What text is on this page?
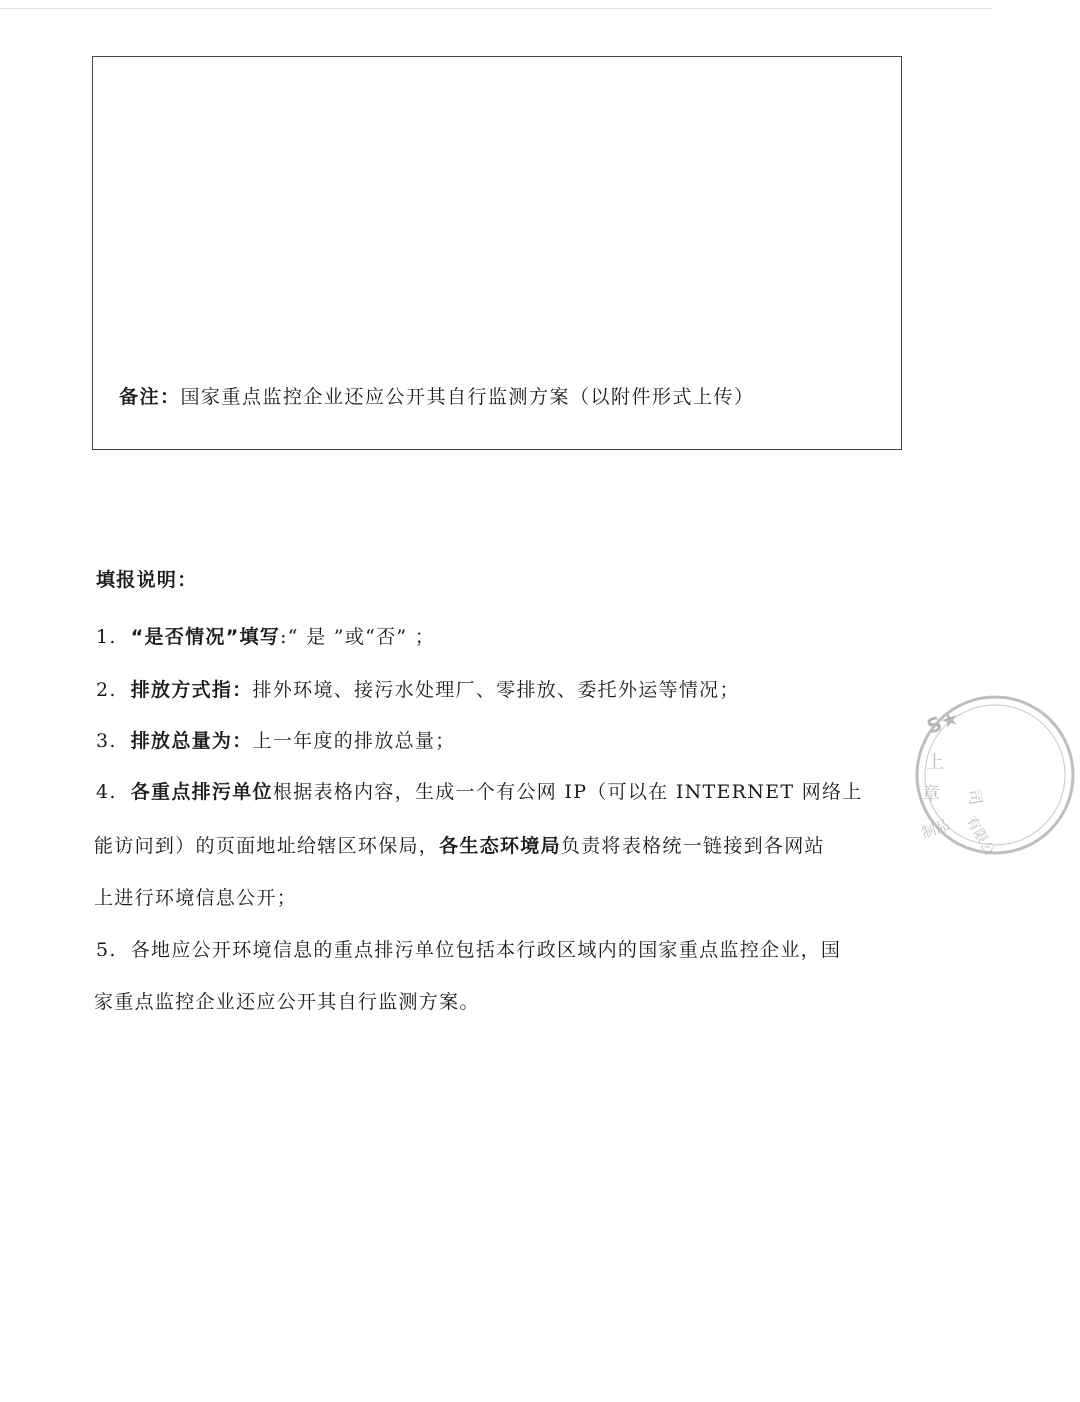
备注：国家重点监控企业还应公开其自行监测方案（以附件形式上传）
填报说明：
1. “是否情况”填写:“ 是 ”或“否” ；
2. 排放方式指：排外环境、接污水处理厂、零排放、委托外运等情况；
3. 排放总量为：上一年度的排放总量；
4. 各重点排污单位根据表格内容，生成一个有公网 IP（可以在 INTERNET 网络上
能访问到）的页面地址给辖区环保局，各生态环境局负责将表格统一链接到各网站
上进行环境信息公开；
5. 各地应公开环境信息的重点排污单位包括本行政区域内的国家重点监控企业，国
家重点监控企业还应公开其自行监测方案。
S★
上
章 司
有限公
制品
